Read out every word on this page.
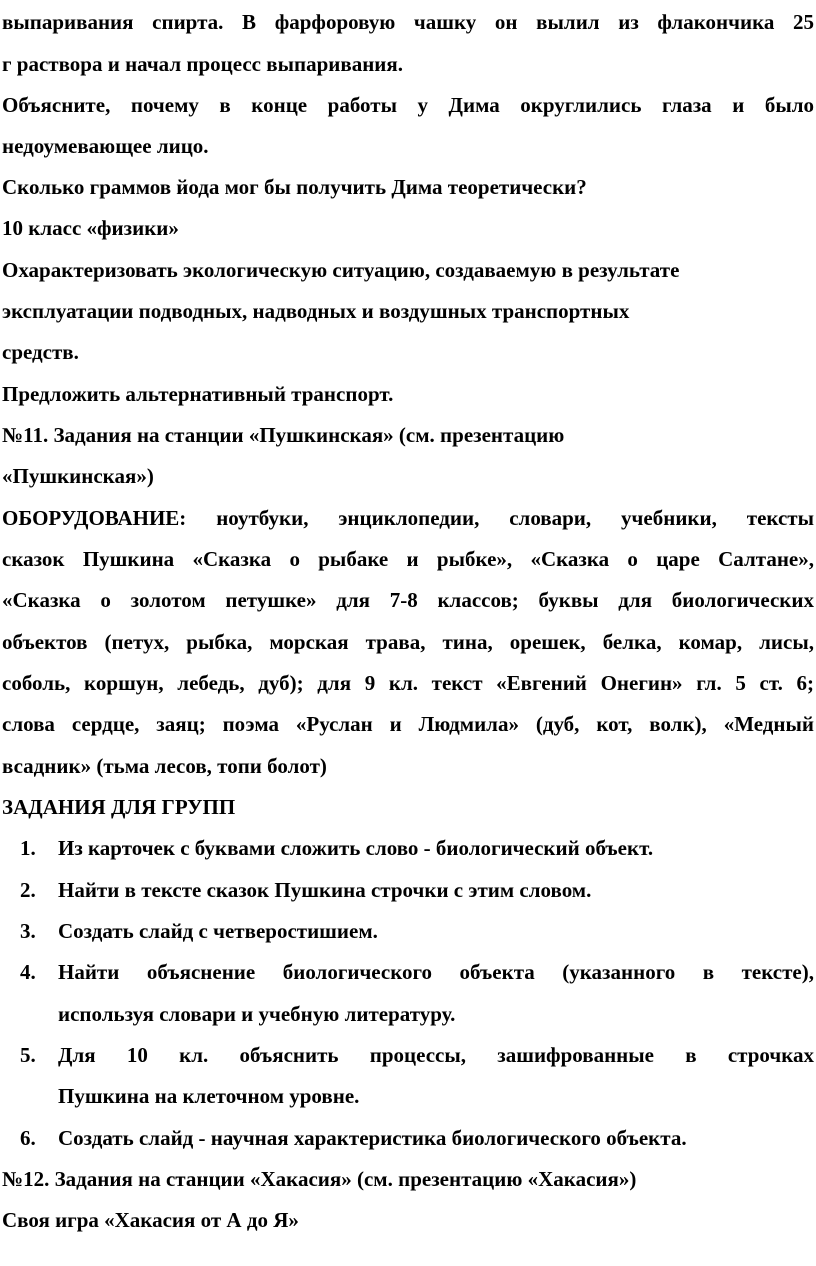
выпаривания спирта. В фарфоровую чашку он вылил из флакончика 25
г раствора и начал процесс выпаривания.
Объясните, почему в конце работы у Дима округлились глаза и было
недоумевающее лицо.
Сколько граммов йода мог бы получить Дима теоретически?
10 класс «физики»
Охарактеризовать экологическую ситуацию, создаваемую в результате
эксплуатации подводных, надводных и воздушных транспортных
средств.
Предложить альтернативный транспорт.
№11. Задания на станции «Пушкинская» (см. презентацию
«Пушкинская»)
ОБОРУДОВАНИЕ: ноутбуки, энциклопедии, словари, учебники, тексты
сказок Пушкина «Сказка о рыбаке и рыбке», «Сказка о царе Салтане»,
«Сказка о золотом петушке» для 7-8 классов; буквы для биологических
объектов (петух, рыбка, морская трава, тина, орешек, белка, комар, лисы,
соболь, коршун, лебедь, дуб); для 9 кл. текст «Евгений Онегин» гл. 5 ст. 6;
слова сердце, заяц; поэма «Руслан и Людмила» (дуб, кот, волк), «Медный
всадник» (тьма лесов, топи болот)
ЗАДАНИЯ ДЛЯ ГРУПП
1.	Из карточек с буквами сложить слово - биологический объект.
2.	Найти в тексте сказок Пушкина строчки с этим словом.
3.	Создать слайд с четверостишием.
4.	Найти объяснение биологического объекта (указанного в тексте),
используя словари и учебную литературу.
5.	Для 10 кл. объяснить процессы, зашифрованные в строчках
Пушкина на клеточном уровне.
6.	Создать слайд - научная характеристика биологического объекта.
№12. Задания на станции «Хакасия» (см. презентацию «Хакасия»)
Своя игра «Хакасия от А до Я»
